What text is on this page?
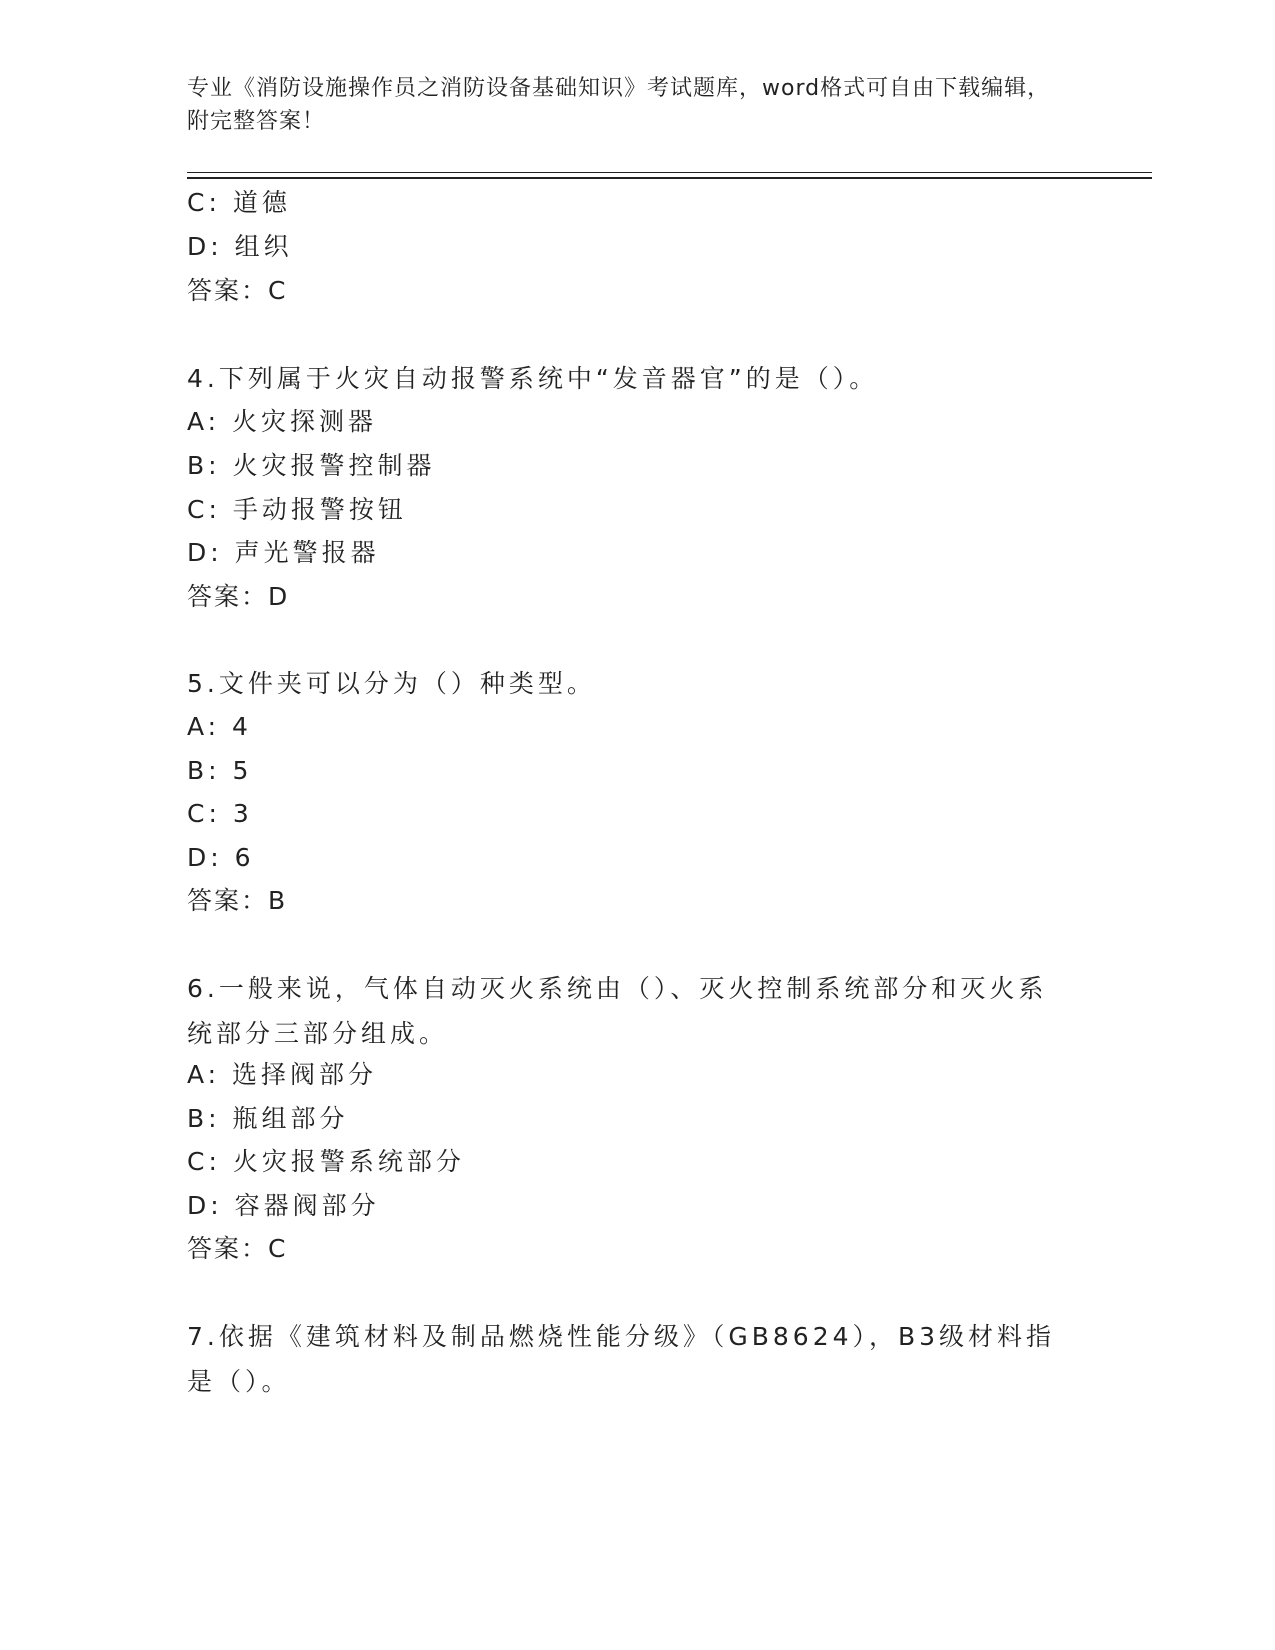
专业《消防设施操作员之消防设备基础知识》考试题库，word格式可自由下载编辑，附完整答案！
C: 道德
D: 组织
答案：C
4.下列属于火灾自动报警系统中“发音器官”的是（）。
A: 火灾探测器
B: 火灾报警控制器
C: 手动报警按钮
D: 声光警报器
答案：D
5.文件夹可以分为（）种类型。
A: 4
B: 5
C: 3
D: 6
答案：B
6.一般来说，气体自动灭火系统由（）、灭火控制系统部分和灭火系统部分三部分组成。
A: 选择阀部分
B: 瓶组部分
C: 火灾报警系统部分
D: 容器阀部分
答案：C
7.依据《建筑材料及制品燃烧性能分级》（GB8624），B3级材料指是（）。
